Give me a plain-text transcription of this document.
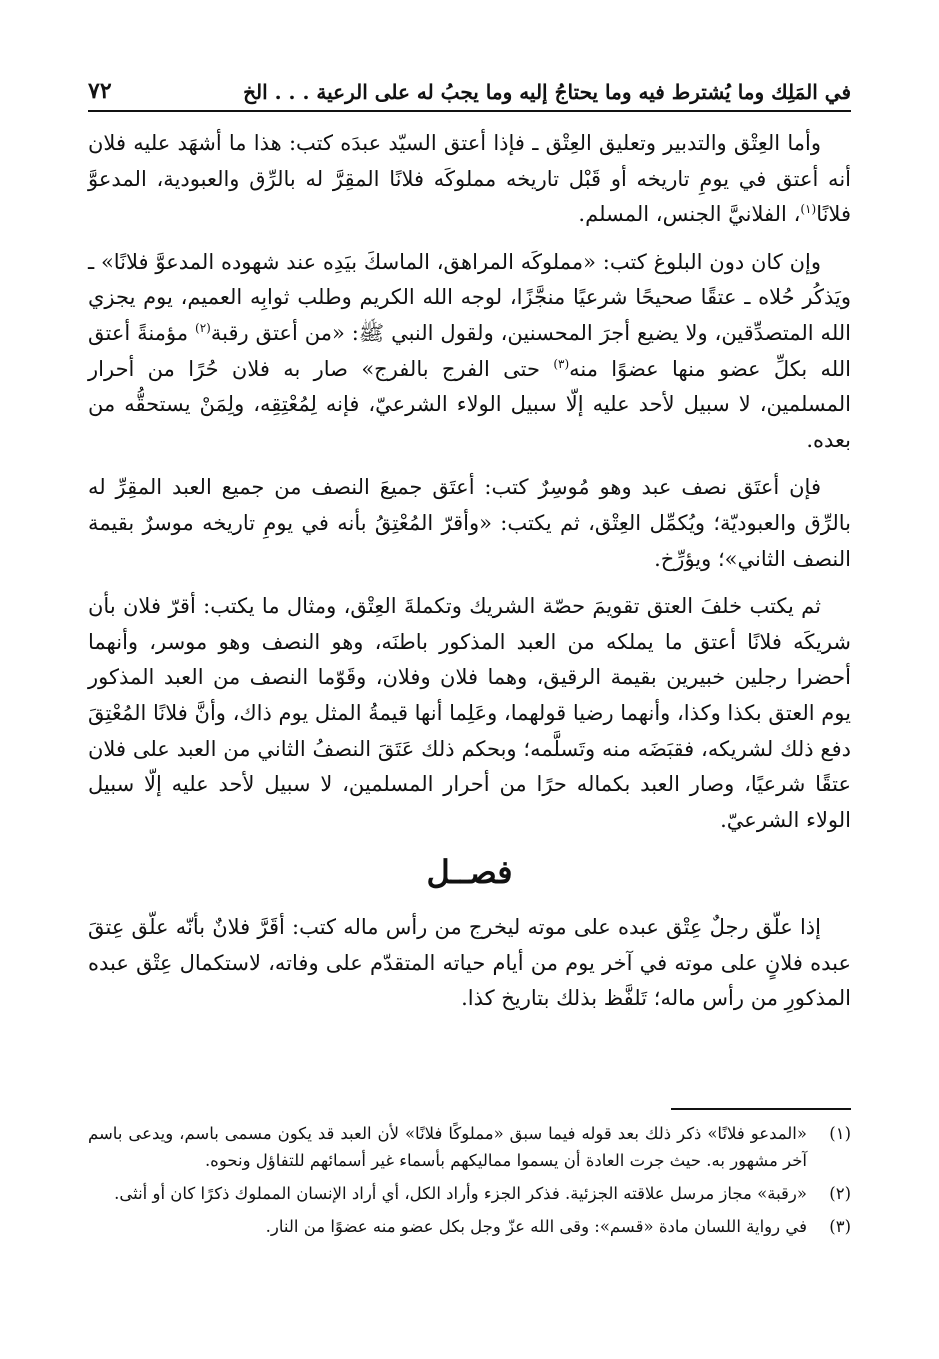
في المَلِك وما يُشترط فيه وما يحتاجُ إليه وما يجبُ له على الرعية . . . الخ
٧٢

وأما العِتْق والتدبير وتعليق العِتْق ـ فإذا أعتق السيّد عبدَه كتب: هذا ما أشهَد عليه فلان أنه أعتق في يومِ تاريخه أو قَبْل تاريخه مملوكَه فلانًا المقِرَّ له بالرِّق والعبودية، المدعوَّ فلانًا$^{(١)}$، الفلانيَّ الجنس، المسلم.

وإن كان دون البلوغ كتب: «مملوكَه المراهق، الماسكَ بيَدِه عند شهوده المدعوَّ فلانًا» ـ ويَذكُر حُلاه ـ عتقًا صحيحًا شرعيًا منجَّزًا، لوجه الله الكريم وطلب ثوابِه العميم، يوم يجزي الله المتصدِّقين، ولا يضيع أجرَ المحسنين، ولقول النبي ﷺ: «من أعتق رقبة$^{(٢)}$ مؤمنةً أعتق الله بكلِّ عضو منها عضوًا منه$^{(٣)}$ حتى الفرج بالفرج» صار به فلان حُرًا من أحرار المسلمين، لا سبيل لأحد عليه إلّا سبيل الولاء الشرعيّ، فإنه لِمُعْتِقِه، ولِمَنْ يستحقُّه من بعده.

فإن أعتَق نصف عبد وهو مُوسِرٌ كتب: أعتَق جميعَ النصف من جميع العبد المقِرِّ له بالرِّق والعبوديّة؛ ويُكمِّل العِتْق، ثم يكتب: «وأقرّ المُعْتِقُ بأنه في يومِ تاريخه موسرٌ بقيمة النصف الثاني»؛ ويؤرِّخ.

ثم يكتب خلفَ العتق تقويمَ حصّة الشريك وتكملةَ العِتْق، ومثال ما يكتب: أقرّ فلان بأن شريكَه فلانًا أعتق ما يملكه من العبد المذكور باطنَه، وهو النصف وهو موسر، وأنهما أحضرا رجلين خبيرين بقيمة الرقيق، وهما فلان وفلان، وقَوّما النصف من العبد المذكور يوم العتق بكذا وكذا، وأنهما رضيا قولهما، وعَلِما أنها قيمةُ المثل يوم ذاك، وأنَّ فلانًا المُعْتِقَ دفع ذلك لشريكه، فقبَضَه منه وتَسلَّمه؛ وبحكم ذلك عَتَقَ النصفُ الثاني من العبد على فلان عتقًا شرعيًا، وصار العبد بكماله حرًا من أحرار المسلمين، لا سبيل لأحد عليه إلّا سبيل الولاء الشرعيّ.

فصــل

إذا علّق رجلٌ عِتْق عبده على موته ليخرج من رأس ماله كتب: أقَرَّ فلانٌ بأنّه علّق عِتقَ عبده فلانٍ على موته في آخر يوم من أيام حياته المتقدّم على وفاته، لاستكمال عِتْق عبده المذكورِ من رأس ماله؛ تَلفَّظ بذلك بتاريخ كذا.

(١)
«المدعو فلانًا» ذكر ذلك بعد قوله فيما سبق «مملوكًا فلانًا» لأن العبد قد يكون مسمى باسم، ويدعى باسم آخر مشهور به. حيث جرت العادة أن يسموا مماليكهم بأسماء غير أسمائهم للتفاؤل ونحوه.
(٢)
«رقبة» مجاز مرسل علاقته الجزئية. فذكر الجزء وأراد الكل، أي أراد الإنسان المملوك ذكرًا كان أو أنثى.
(٣)
في رواية اللسان مادة «قسم»: وقى الله عزّ وجل بكل عضو منه عضوًا من النار.
